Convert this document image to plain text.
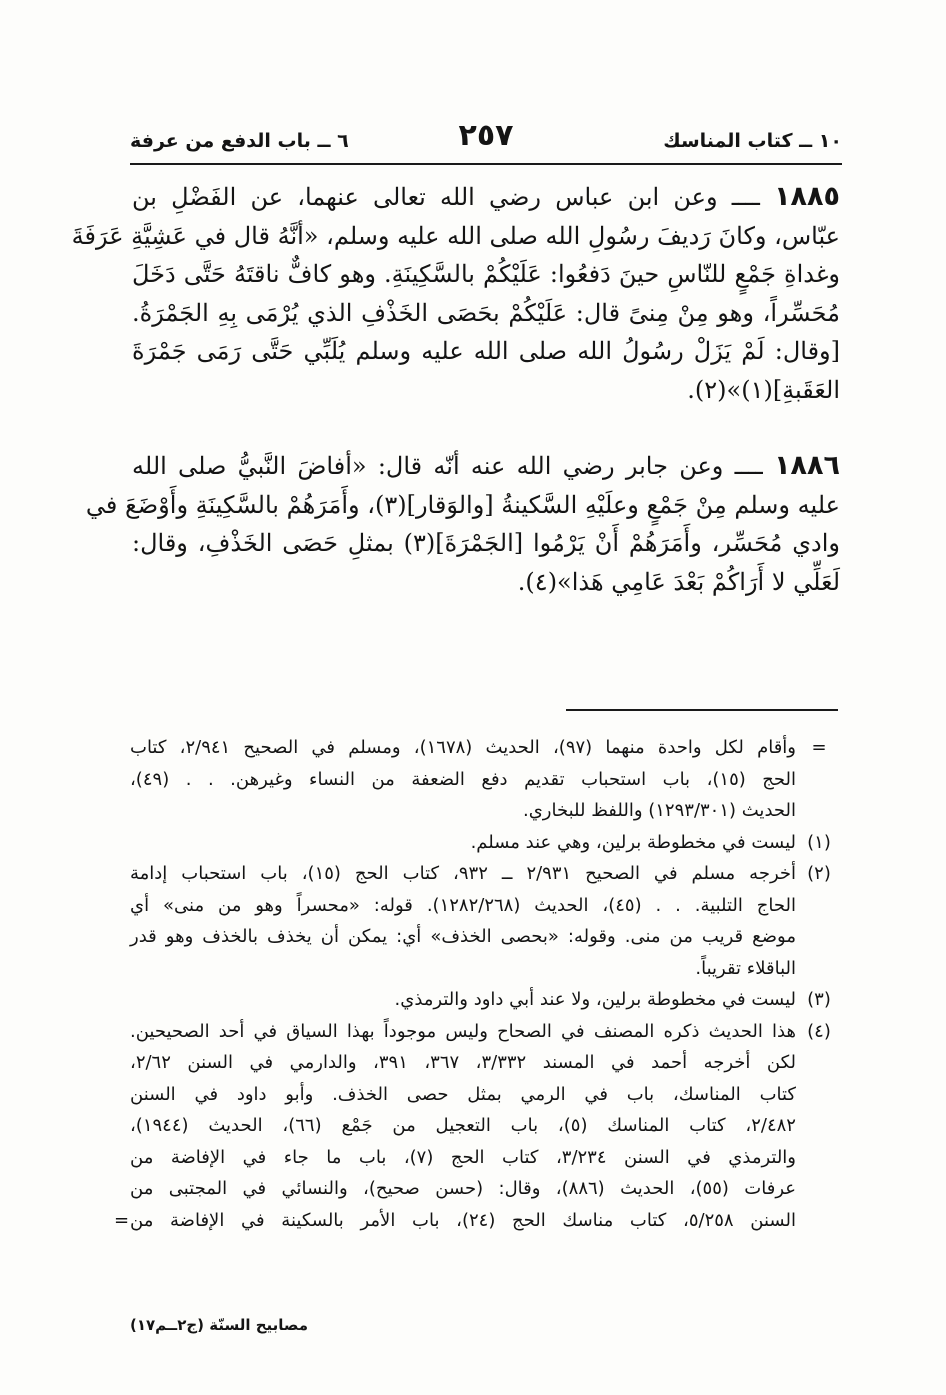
١٠ ــ كتاب المناسك
٢٥٧
٦ ــ باب الدفع من عرفة
١٨٨٥ ــــ وعن ابن عباس رضي الله تعالى عنهما، عن الفَضْلِ بن
عبّاس، وكانَ رَديفَ رسُولِ الله صلى الله عليه وسلم، «أنَّهُ قال في عَشِيَّةِ عَرَفَةَ
وغداةِ جَمْعٍ للنّاسِ حينَ دَفعُوا: عَلَيْكُمْ بالسَّكِينَةِ. وهو كافٌّ ناقتَهُ حَتَّى دَخَلَ
مُحَسِّراً، وهو مِنْ مِنىً قال: عَلَيْكُمْ بحَصَى الخَذْفِ الذي يُرْمَى بِهِ الجَمْرَةُ.
[وقال: لَمْ يَزَلْ رسُولُ الله صلى الله عليه وسلم يُلَبِّي حَتَّى رَمَى جَمْرَةَ
العَقَبةِ](١)»(٢).
١٨٨٦ ــــ وعن جابر رضي الله عنه أنّه قال: «أفاضَ النَّبيُّ صلى الله
عليه وسلم مِنْ جَمْعٍ وعلَيْهِ السَّكينةُ [والوَقار](٣)، وأَمَرَهُمْ بالسَّكِينَةِ وأَوْضَعَ في
وادي مُحَسِّر، وأَمَرَهُمْ أَنْ يَرْمُوا [الجَمْرَةَ](٣) بمثلِ حَصَى الخَذْفِ، وقال:
لَعَلِّي لا أَرَاكُمْ بَعْدَ عَامِي هَذا»(٤).
=
وأقام لكل واحدة منهما (٩٧)، الحديث (١٦٧٨)، ومسلم في الصحيح ٢/٩٤١، كتاب
الحج (١٥)، باب استحباب تقديم دفع الضعفة من النساء وغيرهن. . . (٤٩)،
الحديث (١٢٩٣/٣٠١) واللفظ للبخاري.
(١)
ليست في مخطوطة برلين، وهي عند مسلم.
(٢)
أخرجه مسلم في الصحيح ٢/٩٣١ ــ ٩٣٢، كتاب الحج (١٥)، باب استحباب إدامة
الحاج التلبية. . . (٤٥)، الحديث (١٢٨٢/٢٦٨). قوله: «محسراً وهو من منى» أي
موضع قريب من منى. وقوله: «بحصى الخذف» أي: يمكن أن يخذف بالخذف وهو قدر
الباقلاء تقريباً.
(٣)
ليست في مخطوطة برلين، ولا عند أبي داود والترمذي.
(٤)
هذا الحديث ذكره المصنف في الصحاح وليس موجوداً بهذا السياق في أحد الصحيحين.
لكن أخرجه أحمد في المسند ٣/٣٣٢، ٣٦٧، ٣٩١، والدارمي في السنن ٢/٦٢،
كتاب المناسك، باب في الرمي بمثل حصى الخذف. وأبو داود في السنن
٢/٤٨٢، كتاب المناسك (٥)، باب التعجيل من جَمْع (٦٦)، الحديث (١٩٤٤)،
والترمذي في السنن ٣/٢٣٤، كتاب الحج (٧)، باب ما جاء في الإفاضة من
عرفات (٥٥)، الحديث (٨٨٦)، وقال: (حسن صحيح)، والنسائي في المجتبى من
السنن ٥/٢٥٨، كتاب مناسك الحج (٢٤)، باب الأمر بالسكينة في الإفاضة من
=
مصابيح السنّة (ج٢ــم١٧)
